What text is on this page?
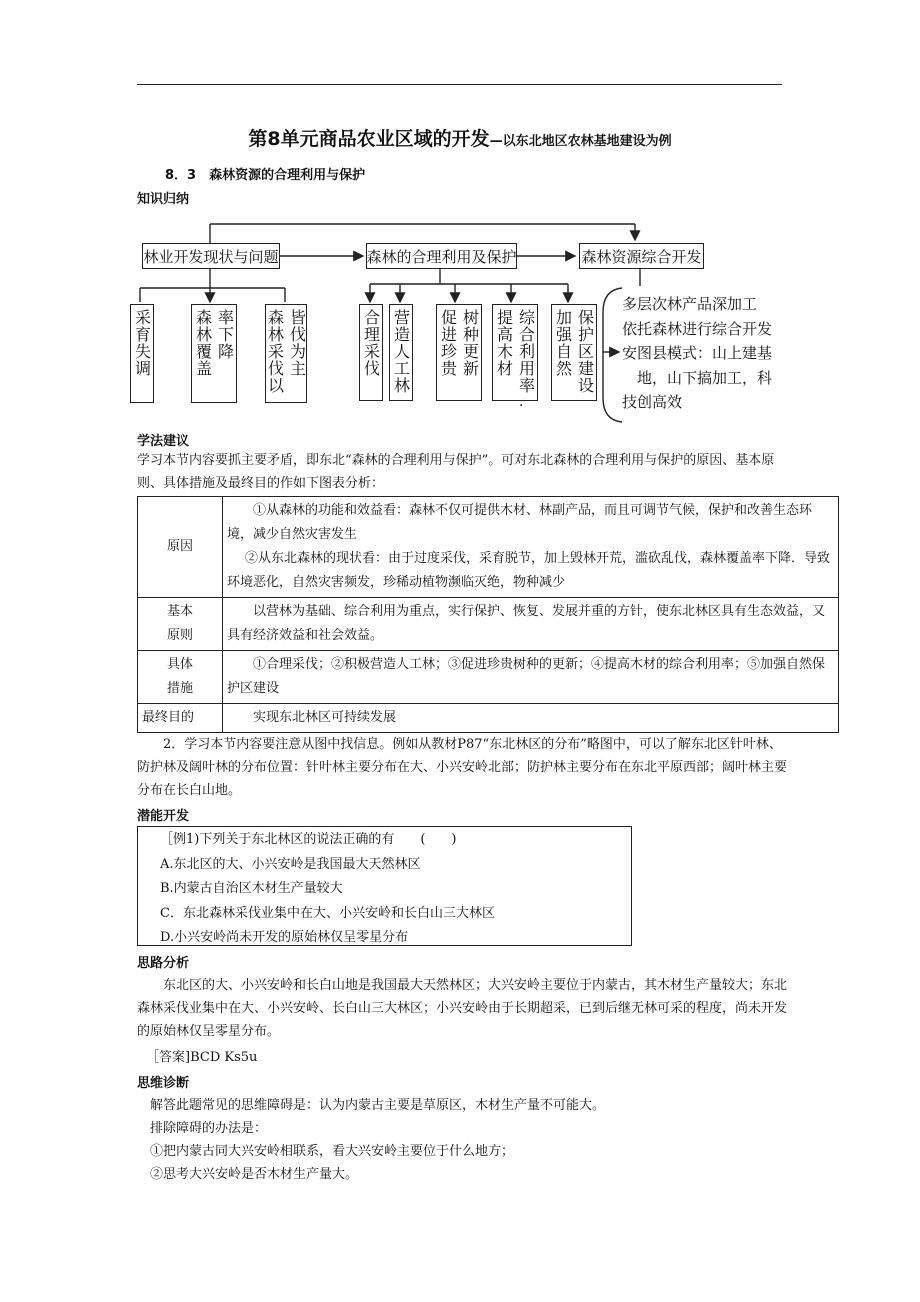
第8单元商品农业区域的开发—以东北地区农林基地建设为例
8．3　森林资源的合理利用与保护
知识归纳
林业开发现状与问题	森林的合理利用及保护	森林资源综合开发
采育失调	率下降
森林覆盖	皆伐为主
森林采伐以	合理采伐 营造人工林	树种更新
促进珍贵	综合利用率
提高木材	保护区建设
加强自然
·
多层次林产品深加工
依托森林进行综合开发
安图县模式：山上建基
地，山下搞加工，科
技创高效
学法建议
学习本节内容要抓主要矛盾，即东北“森林的合理利用与保护”。可对东北森林的合理利用与保护的原因、基本原则、具体措施及最终目的作如下图表分析：
原因	①从森林的功能和效益看：森林不仅可提供木材、林副产品，而且可调节气候，保护和改善生态环境，减少自然灾害发生
②从东北森林的现状看：由于过度采伐，采育脱节，加上毁林开荒，滥砍乱伐，森林覆盖率下降．导致环境恶化，自然灾害频发，珍稀动植物濒临灭绝，物种减少

基本原则	以营林为基础、综合利用为重点，实行保护、恢复、发展并重的方针，使东北林区具有生态效益，又具有经济效益和社会效益。

具体措施	①合理采伐；②积极营造人工林；③促进珍贵树种的更新；④提高木材的综合利用率；⑤加强自然保护区建设

最终目的	实现东北林区可持续发展
2．学习本节内容要注意从图中找信息。例如从教材P87“东北林区的分布”略图中，可以了解东北区针叶林、防护林及阔叶林的分布位置：针叶林主要分布在大、小兴安岭北部；防护林主要分布在东北平原西部；阔叶林主要分布在长白山地。
潜能开发
［例1)下列关于东北林区的说法正确的有　　(　　)
A.东北区的大、小兴安岭是我国最大天然林区
B.内蒙古自治区木材生产量较大
C．东北森林采伐业集中在大、小兴安岭和长白山三大林区
D.小兴安岭尚未开发的原始林仅呈零星分布
思路分析
东北区的大、小兴安岭和长白山地是我国最大天然林区；大兴安岭主要位于内蒙古，其木材生产量较大；东北森林采伐业集中在大、小兴安岭、长白山三大林区；小兴安岭由于长期超采，已到后继无林可采的程度，尚未开发的原始林仅呈零星分布。
［答案]BCD Ks5u
思维诊断
解答此题常见的思维障碍是：认为内蒙古主要是草原区，木材生产量不可能大。
排除障碍的办法是：
①把内蒙古同大兴安岭相联系，看大兴安岭主要位于什么地方；
②思考大兴安岭是否木材生产量大。
